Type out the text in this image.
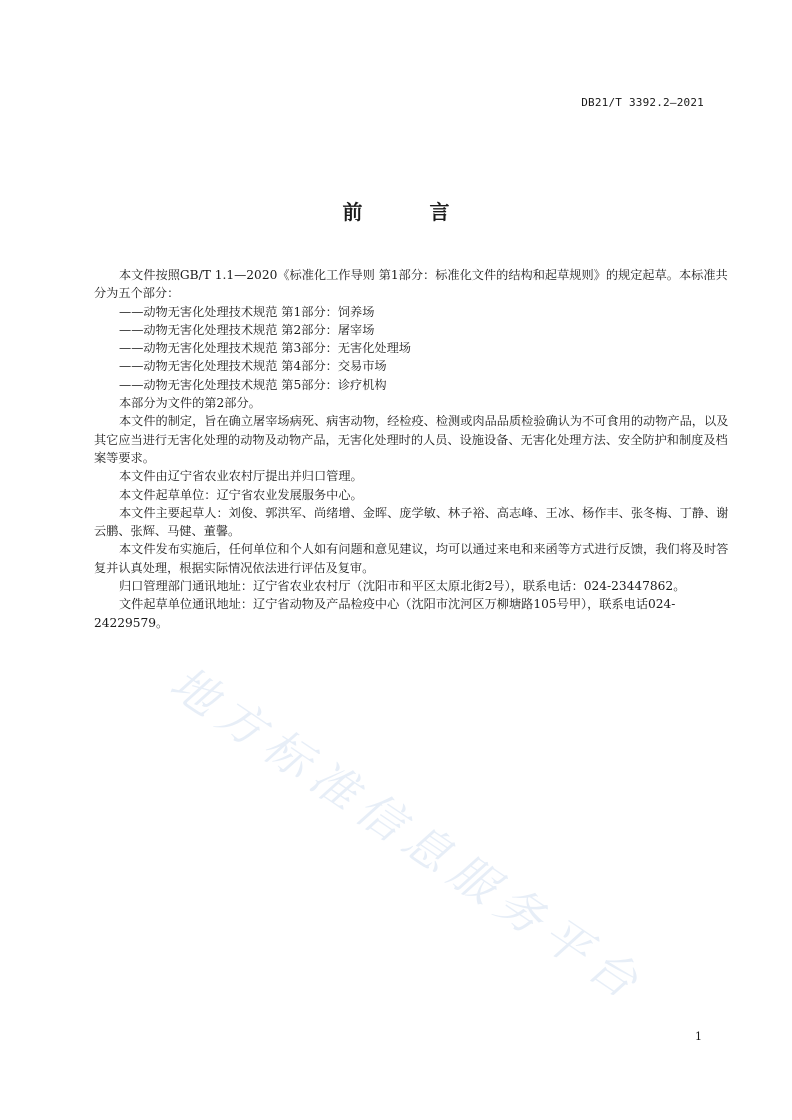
DB21/T 3392.2—2021
前 言

本文件按照GB/T 1.1—2020《标准化工作导则 第1部分：标准化文件的结构和起草规则》的规定起草。本标准共分为五个部分：

——动物无害化处理技术规范 第1部分：饲养场

——动物无害化处理技术规范 第2部分：屠宰场

——动物无害化处理技术规范 第3部分：无害化处理场

——动物无害化处理技术规范 第4部分：交易市场

——动物无害化处理技术规范 第5部分：诊疗机构

本部分为文件的第2部分。

本文件的制定，旨在确立屠宰场病死、病害动物，经检疫、检测或肉品品质检验确认为不可食用的动物产品，以及其它应当进行无害化处理的动物及动物产品，无害化处理时的人员、设施设备、无害化处理方法、安全防护和制度及档案等要求。

本文件由辽宁省农业农村厅提出并归口管理。

本文件起草单位：辽宁省农业发展服务中心。

本文件主要起草人：刘俊、郭洪军、尚绪增、金晖、庞学敏、林子裕、高志峰、王冰、杨作丰、张冬梅、丁静、谢云鹏、张辉、马健、董馨。

本文件发布实施后，任何单位和个人如有问题和意见建议，均可以通过来电和来函等方式进行反馈，我们将及时答复并认真处理，根据实际情况依法进行评估及复审。

归口管理部门通讯地址：辽宁省农业农村厅（沈阳市和平区太原北街2号），联系电话：024-23447862。

文件起草单位通讯地址：辽宁省动物及产品检疫中心（沈阳市沈河区万柳塘路105号甲），联系电话024-24229579。

地方标准信息服务平台
1
